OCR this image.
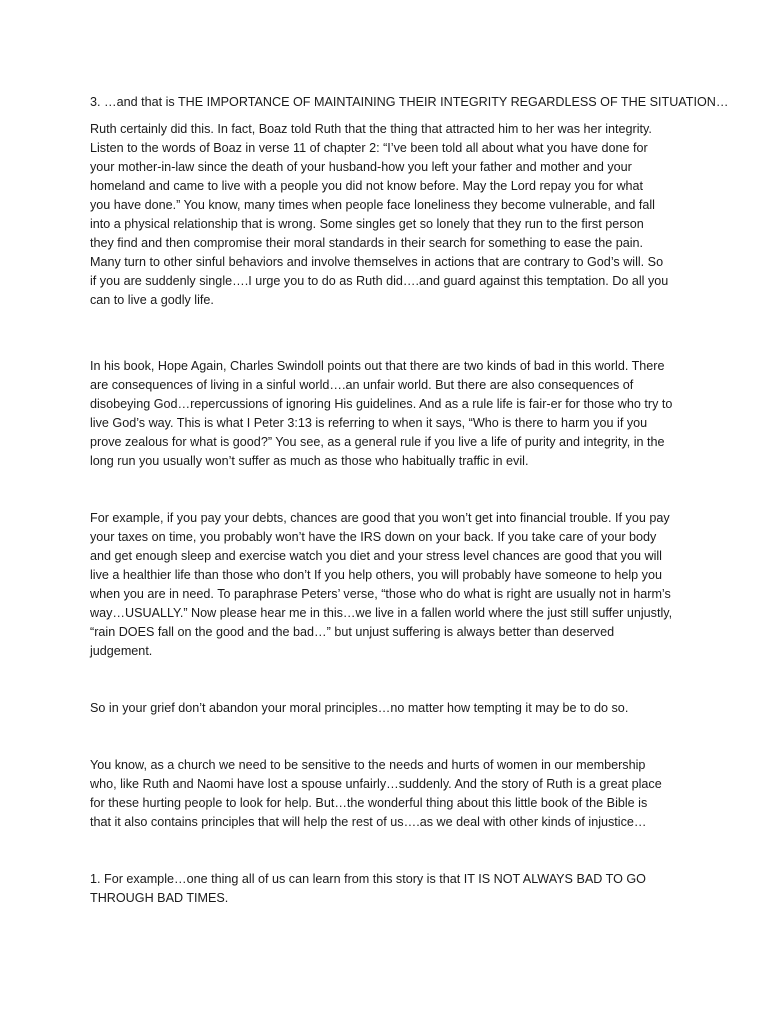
3. …and that is THE IMPORTANCE OF MAINTAINING THEIR INTEGRITY REGARDLESS OF THE SITUATION…

Ruth certainly did this. In fact, Boaz told Ruth that the thing that attracted him to her was her integrity.
Listen to the words of Boaz in verse 11 of chapter 2: “I’ve been told all about what you have done for
your mother-in-law since the death of your husband-how you left your father and mother and your
homeland and came to live with a people you did not know before. May the Lord repay you for what
you have done.” You know, many times when people face loneliness they become vulnerable, and fall
into a physical relationship that is wrong. Some singles get so lonely that they run to the first person
they find and then compromise their moral standards in their search for something to ease the pain.
Many turn to other sinful behaviors and involve themselves in actions that are contrary to God’s will. So
if you are suddenly single….I urge you to do as Ruth did….and guard against this temptation. Do all you
can to live a godly life.

In his book, Hope Again, Charles Swindoll points out that there are two kinds of bad in this world. There
are consequences of living in a sinful world….an unfair world. But there are also consequences of
disobeying God…repercussions of ignoring His guidelines. And as a rule life is fair-er for those who try to
live God’s way. This is what I Peter 3:13 is referring to when it says, “Who is there to harm you if you
prove zealous for what is good?” You see, as a general rule if you live a life of purity and integrity, in the
long run you usually won’t suffer as much as those who habitually traffic in evil.

For example, if you pay your debts, chances are good that you won’t get into financial trouble. If you pay
your taxes on time, you probably won’t have the IRS down on your back. If you take care of your body
and get enough sleep and exercise watch you diet and your stress level chances are good that you will
live a healthier life than those who don’t If you help others, you will probably have someone to help you
when you are in need. To paraphrase Peters’ verse, “those who do what is right are usually not in harm’s
way…USUALLY.” Now please hear me in this…we live in a fallen world where the just still suffer unjustly,
“rain DOES fall on the good and the bad…” but unjust suffering is always better than deserved
judgement.

So in your grief don’t abandon your moral principles…no matter how tempting it may be to do so.

You know, as a church we need to be sensitive to the needs and hurts of women in our membership
who, like Ruth and Naomi have lost a spouse unfairly…suddenly. And the story of Ruth is a great place
for these hurting people to look for help. But…the wonderful thing about this little book of the Bible is
that it also contains principles that will help the rest of us….as we deal with other kinds of injustice…

1. For example…one thing all of us can learn from this story is that IT IS NOT ALWAYS BAD TO GO
THROUGH BAD TIMES.
